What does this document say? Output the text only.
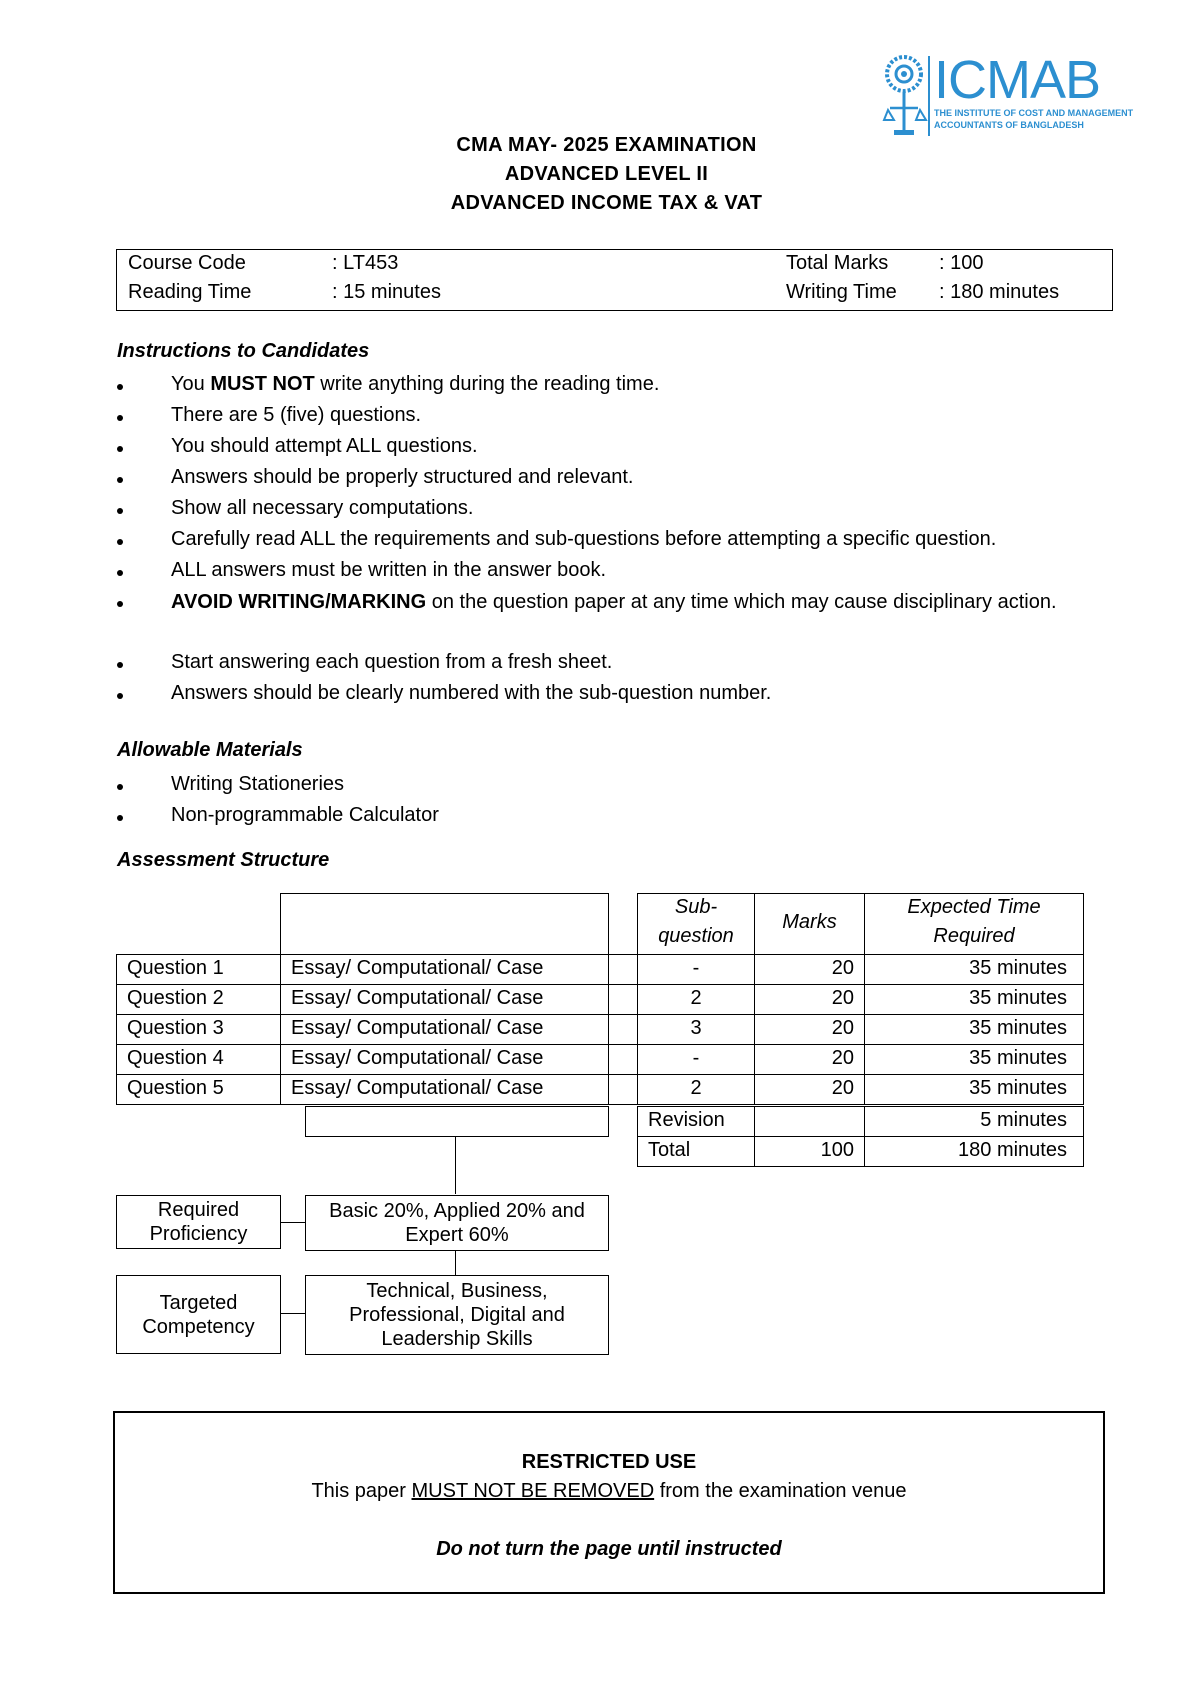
ICMAB
THE INSTITUTE OF COST AND MANAGEMENT
ACCOUNTANTS OF BANGLADESH
CMA MAY- 2025 EXAMINATION
ADVANCED LEVEL II
ADVANCED INCOME TAX & VAT
Course Code	: LT453	Total Marks	: 100
Reading Time	: 15 minutes	Writing Time : 180 minutes
Instructions to Candidates
You MUST NOT write anything during the reading time.
There are 5 (five) questions.
You should attempt ALL questions.
Answers should be properly structured and relevant.
Show all necessary computations.
Carefully read ALL the requirements and sub-questions before attempting a specific question.
ALL answers must be written in the answer book.
AVOID WRITING/MARKING on the question paper at any time which may cause disciplinary action.
Start answering each question from a fresh sheet.
Answers should be clearly numbered with the sub-question number.
Allowable Materials
Writing Stationeries
Non-programmable Calculator
Assessment Structure
Sub-
question
Marks
Expected Time
Required
Question 1	Essay/ Computational/ Case	-	20	35 minutes
Question 2	Essay/ Computational/ Case	2	20	35 minutes
Question 3	Essay/ Computational/ Case	3	20	35 minutes
Question 4	Essay/ Computational/ Case	-	20	35 minutes
Question 5	Essay/ Computational/ Case	2	20	35 minutes
Revision	5 minutes
Total	100	180 minutes
Required Proficiency
Basic 20%, Applied 20% and Expert 60%
Targeted Competency
Technical, Business, Professional, Digital and Leadership Skills
RESTRICTED USE
This paper MUST NOT BE REMOVED from the examination venue
Do not turn the page until instructed
